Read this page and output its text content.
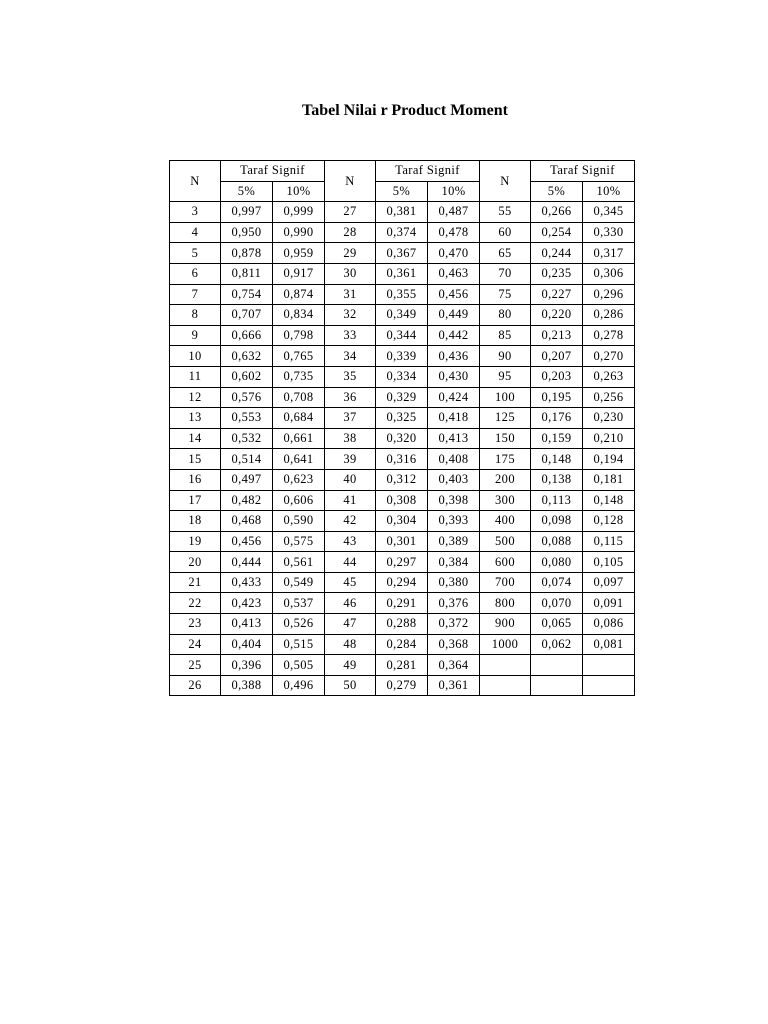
Tabel Nilai r Product Moment
N	Taraf Signif		N	Taraf Signif		N	Taraf Signif	
	5%	10%		5%	10%		5%	10%
3	0,997	0,999	27	0,381	0,487	55	0,266	0,345
4	0,950	0,990	28	0,374	0,478	60	0,254	0,330
5	0,878	0,959	29	0,367	0,470	65	0,244	0,317
6	0,811	0,917	30	0,361	0,463	70	0,235	0,306
7	0,754	0,874	31	0,355	0,456	75	0,227	0,296
8	0,707	0,834	32	0,349	0,449	80	0,220	0,286
9	0,666	0,798	33	0,344	0,442	85	0,213	0,278
10	0,632	0,765	34	0,339	0,436	90	0,207	0,270
11	0,602	0,735	35	0,334	0,430	95	0,203	0,263
12	0,576	0,708	36	0,329	0,424	100	0,195	0,256
13	0,553	0,684	37	0,325	0,418	125	0,176	0,230
14	0,532	0,661	38	0,320	0,413	150	0,159	0,210
15	0,514	0,641	39	0,316	0,408	175	0,148	0,194
16	0,497	0,623	40	0,312	0,403	200	0,138	0,181
17	0,482	0,606	41	0,308	0,398	300	0,113	0,148
18	0,468	0,590	42	0,304	0,393	400	0,098	0,128
19	0,456	0,575	43	0,301	0,389	500	0,088	0,115
20	0,444	0,561	44	0,297	0,384	600	0,080	0,105
21	0,433	0,549	45	0,294	0,380	700	0,074	0,097
22	0,423	0,537	46	0,291	0,376	800	0,070	0,091
23	0,413	0,526	47	0,288	0,372	900	0,065	0,086
24	0,404	0,515	48	0,284	0,368	1000	0,062	0,081
25	0,396	0,505	49	0,281	0,364			
26	0,388	0,496	50	0,279	0,361			
